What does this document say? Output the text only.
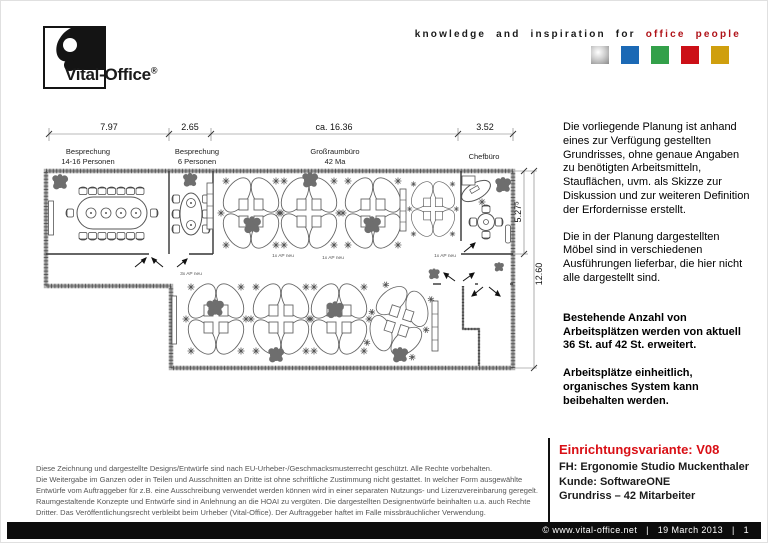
Vital-Office®
knowledge and inspiration for office people
7.97	2.65	ca. 16.36	3.52
Besprechung
14-16 Personen
Besprechung
6 Personen
Großraumbüro
42 Ma
Chefbüro
1x AP neu	1x AP neu	1x AP neu
3x AP neu
5.27$^5$
12.60

Die vorliegende Planung ist anhand eines zur Verfügung gestellten Grundrisses, ohne genaue Angaben zu benötigten Arbeitsmitteln, Stauflächen, uvm. als Skizze zur Diskussion und zur weiteren Definition der Erfordernisse erstellt.

Die in der Planung dargestellten Möbel sind in verschiedenen Ausführungen lieferbar, die hier nicht alle dargestellt sind.

Bestehende Anzahl von Arbeitsplätzen werden von aktuell 36 St. auf 42 St. erweitert.

Arbeitsplätze einheitlich, organisches System kann beibehalten werden.

Einrichtungsvariante: V08
FH: Ergonomie Studio Muckenthaler
Kunde: SoftwareONE
Grundriss – 42 Mitarbeiter
Diese Zeichnung und dargestellte Designs/Entwürfe sind nach EU-Urheber-/Geschmacksmusterrecht geschützt. Alle Rechte vorbehalten.
Die Weitergabe im Ganzen oder in Teilen und Ausschnitten an Dritte ist ohne schriftliche Zustimmung nicht gestattet. In welcher Form ausgewählte
Entwürfe vom Auftraggeber für z.B. eine Ausschreibung verwendet werden können wird in einer separaten Nutzungs- und Lizenzvereinbarung geregelt.
Raumgestaltende Konzepte und Entwürfe sind in Anlehnung an die HOAI zu vergüten. Die dargestellten Designentwürfe beinhalten u.a. auch Rechte
Dritter. Das Veröffentlichungsrecht verbleibt beim Urheber (Vital-Office). Der Auftraggeber haftet im Falle missbräuchlicher Verwendung.
© www.vital-office.net | 19 March 2013 | 1
